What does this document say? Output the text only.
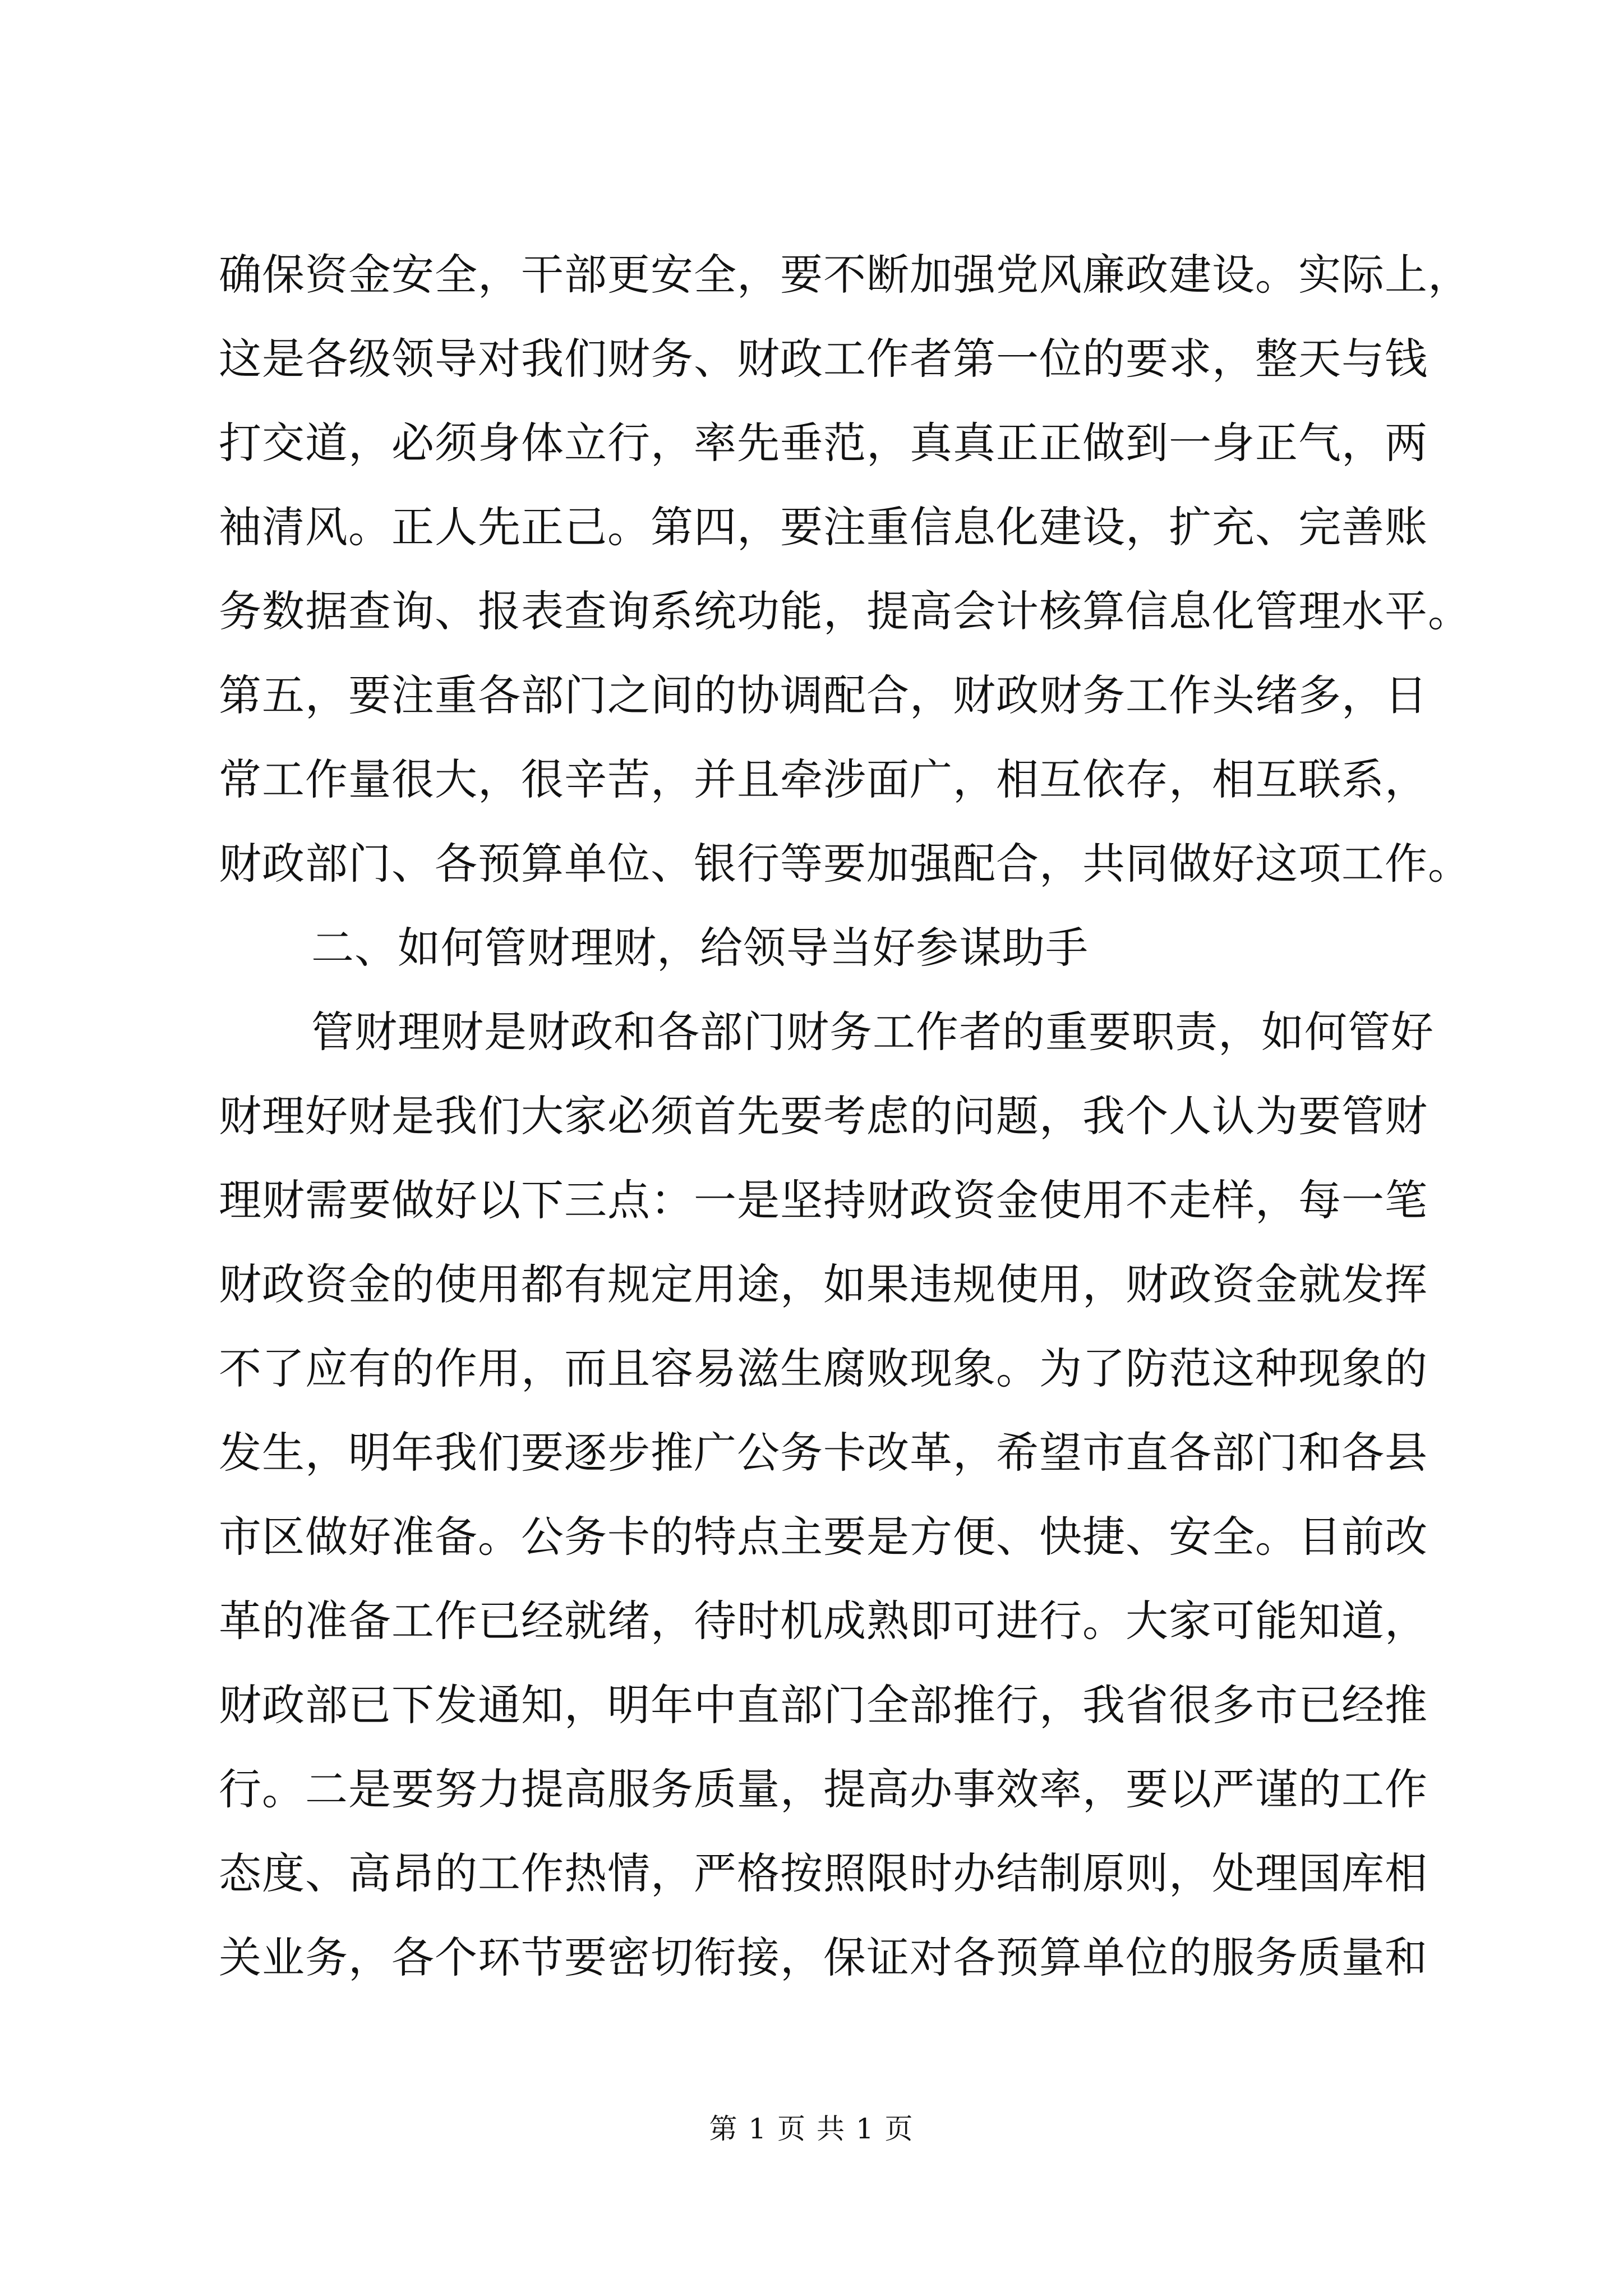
确保资金安全，干部更安全，要不断加强党风廉政建设。实际上，
这是各级领导对我们财务、财政工作者第一位的要求，整天与钱
打交道，必须身体立行，率先垂范，真真正正做到一身正气，两
袖清风。正人先正己。第四，要注重信息化建设，扩充、完善账
务数据查询、报表查询系统功能，提高会计核算信息化管理水平。
第五，要注重各部门之间的协调配合，财政财务工作头绪多，日
常工作量很大，很辛苦，并且牵涉面广，相互依存，相互联系，
财政部门、各预算单位、银行等要加强配合，共同做好这项工作。
二、如何管财理财，给领导当好参谋助手
管财理财是财政和各部门财务工作者的重要职责，如何管好
财理好财是我们大家必须首先要考虑的问题，我个人认为要管财
理财需要做好以下三点：一是坚持财政资金使用不走样，每一笔
财政资金的使用都有规定用途，如果违规使用，财政资金就发挥
不了应有的作用，而且容易滋生腐败现象。为了防范这种现象的
发生，明年我们要逐步推广公务卡改革，希望市直各部门和各县
市区做好准备。公务卡的特点主要是方便、快捷、安全。目前改
革的准备工作已经就绪，待时机成熟即可进行。大家可能知道，
财政部已下发通知，明年中直部门全部推行，我省很多市已经推
行。二是要努力提高服务质量，提高办事效率，要以严谨的工作
态度、高昂的工作热情，严格按照限时办结制原则，处理国库相
关业务，各个环节要密切衔接，保证对各预算单位的服务质量和
第 1 页 共 1 页
